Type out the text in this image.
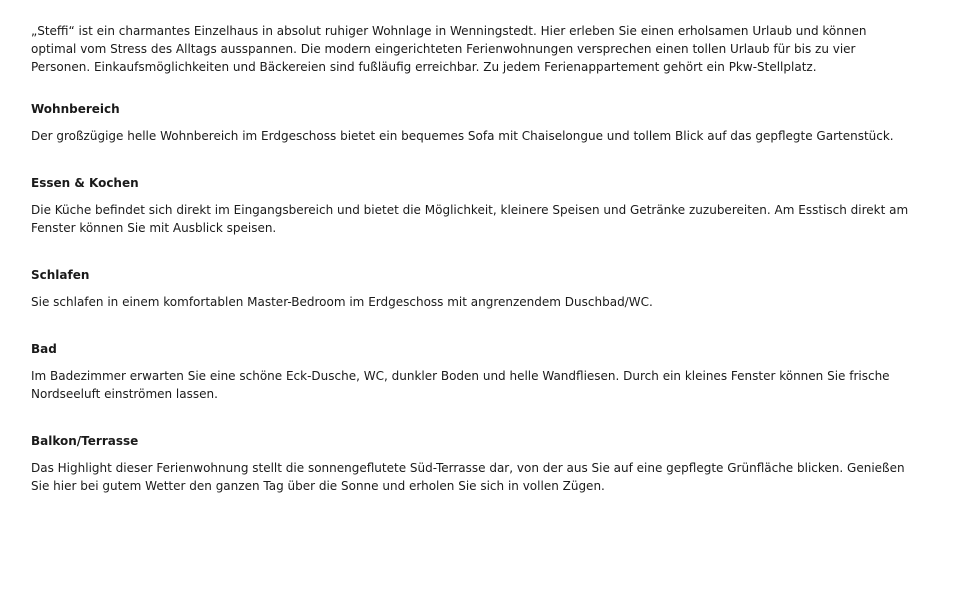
„Steffi“ ist ein charmantes Einzelhaus in absolut ruhiger Wohnlage in Wenningstedt. Hier erleben Sie einen erholsamen Urlaub und können optimal vom Stress des Alltags ausspannen. Die modern eingerichteten Ferienwohnungen versprechen einen tollen Urlaub für bis zu vier Personen. Einkaufsmöglichkeiten und Bäckereien sind fußläufig erreichbar. Zu jedem Ferienappartement gehört ein Pkw-Stellplatz.

Wohnbereich

Der großzügige helle Wohnbereich im Erdgeschoss bietet ein bequemes Sofa mit Chaiselongue und tollem Blick auf das gepflegte Gartenstück.

Essen & Kochen

Die Küche befindet sich direkt im Eingangsbereich und bietet die Möglichkeit, kleinere Speisen und Getränke zuzubereiten. Am Esstisch direkt am Fenster können Sie mit Ausblick speisen.

Schlafen

Sie schlafen in einem komfortablen Master-Bedroom im Erdgeschoss mit angrenzendem Duschbad/WC.

Bad

Im Badezimmer erwarten Sie eine schöne Eck-Dusche, WC, dunkler Boden und helle Wandfliesen. Durch ein kleines Fenster können Sie frische Nordseeluft einströmen lassen.

Balkon/Terrasse

Das Highlight dieser Ferienwohnung stellt die sonnengeflutete Süd-Terrasse dar, von der aus Sie auf eine gepflegte Grünfläche blicken. Genießen Sie hier bei gutem Wetter den ganzen Tag über die Sonne und erholen Sie sich in vollen Zügen.
